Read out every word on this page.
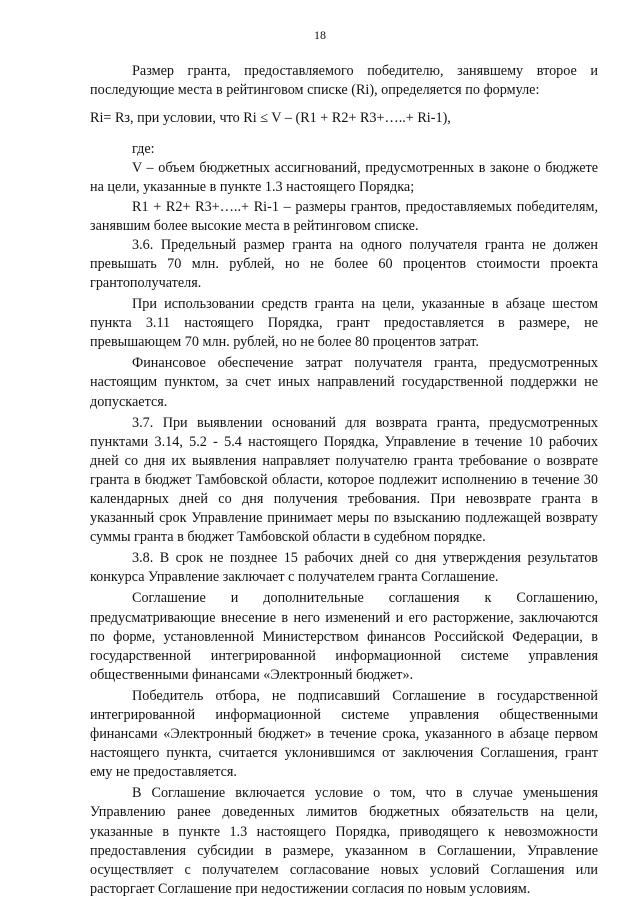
18

Размер гранта, предоставляемого победителю, занявшему второе и последующие места в рейтинговом списке (Ri), определяется по формуле:

Ri= Rз, при условии, что Ri ≤ V – (R1 + R2+ R3+…..+ Ri-1),

где:

V – объем бюджетных ассигнований, предусмотренных в законе о бюджете на цели, указанные в пункте 1.3 настоящего Порядка;

R1 + R2+ R3+…..+ Ri-1 – размеры грантов, предоставляемых победителям, занявшим более высокие места в рейтинговом списке.

3.6. Предельный размер гранта на одного получателя гранта не должен превышать 70 млн. рублей, но не более 60 процентов стоимости проекта грантополучателя.

При использовании средств гранта на цели, указанные в абзаце шестом пункта 3.11 настоящего Порядка, грант предоставляется в размере, не превышающем 70 млн. рублей, но не более 80 процентов затрат.

Финансовое обеспечение затрат получателя гранта, предусмотренных настоящим пунктом, за счет иных направлений государственной поддержки не допускается.

3.7. При выявлении оснований для возврата гранта, предусмотренных пунктами 3.14, 5.2 - 5.4 настоящего Порядка, Управление в течение 10 рабочих дней со дня их выявления направляет получателю гранта требование о возврате гранта в бюджет Тамбовской области, которое подлежит исполнению в течение 30 календарных дней со дня получения требования. При невозврате гранта в указанный срок Управление принимает меры по взысканию подлежащей возврату суммы гранта в бюджет Тамбовской области в судебном порядке.

3.8. В срок не позднее 15 рабочих дней со дня утверждения результатов конкурса Управление заключает с получателем гранта Соглашение.

Соглашение и дополнительные соглашения к Соглашению, предусматривающие внесение в него изменений и его расторжение, заключаются по форме, установленной Министерством финансов Российской Федерации, в государственной интегрированной информационной системе управления общественными финансами «Электронный бюджет».

Победитель отбора, не подписавший Соглашение в государственной интегрированной информационной системе управления общественными финансами «Электронный бюджет» в течение срока, указанного в абзаце первом настоящего пункта, считается уклонившимся от заключения Соглашения, грант ему не предоставляется.

В Соглашение включается условие о том, что в случае уменьшения Управлению ранее доведенных лимитов бюджетных обязательств на цели, указанные в пункте 1.3 настоящего Порядка, приводящего к невозможности предоставления субсидии в размере, указанном в Соглашении, Управление осуществляет с получателем согласование новых условий Соглашения или расторгает Соглашение при недостижении согласия по новым условиям.
